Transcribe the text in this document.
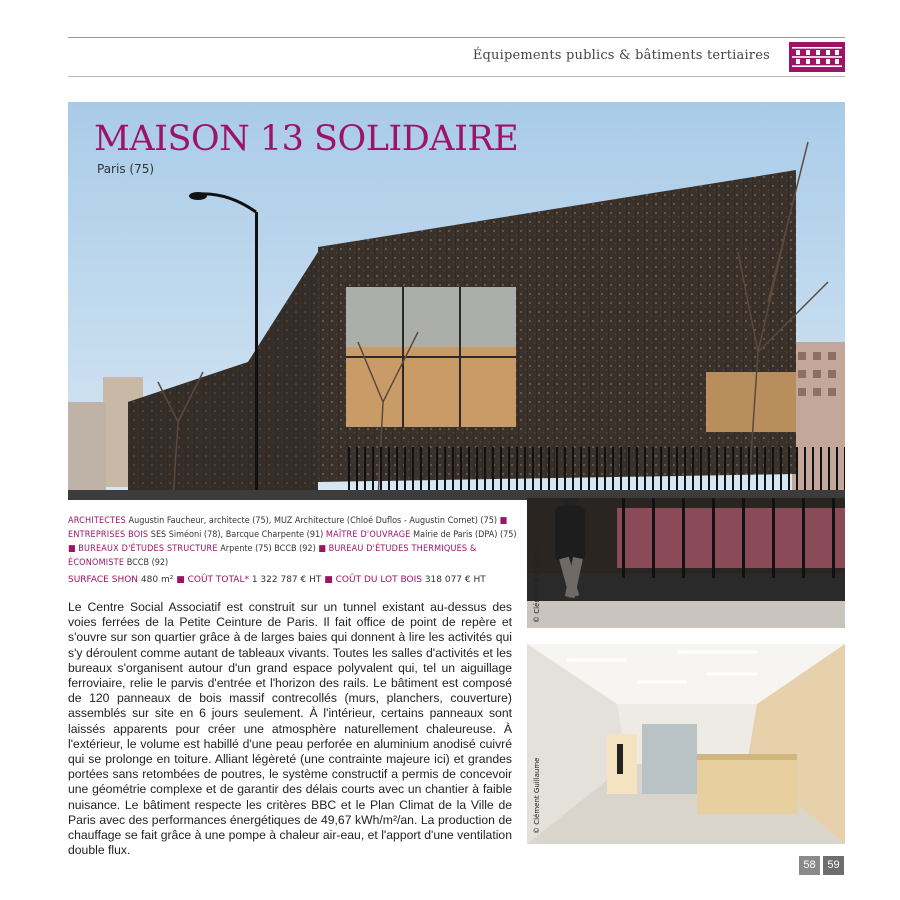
Équipements publics & bâtiments tertiaires
MAISON 13 SOLIDAIRE
Paris (75)
ARCHITECTES Augustin Faucheur, architecte (75), MUZ Architecture (Chloé Duflos - Augustin Cornet) (75) ■ ENTREPRISES BOIS SES Siméoni (78), Barcque Charpente (91) MAÎTRE D'OUVRAGE Mairie de Paris (DPA) (75) ■ BUREAUX D'ÉTUDES STRUCTURE Arpente (75) BCCB (92) ■ BUREAU D'ÉTUDES THERMIQUES & ÉCONOMISTE BCCB (92)
SURFACE SHON 480 m² ■ COÛT TOTAL* 1 322 787 € HT ■ COÛT DU LOT BOIS 318 077 € HT

Le Centre Social Associatif est construit sur un tunnel existant au-dessus des voies ferrées de la Petite Ceinture de Paris. Il fait office de point de repère et s'ouvre sur son quartier grâce à de larges baies qui donnent à lire les activités qui s'y déroulent comme autant de tableaux vivants. Toutes les salles d'activités et les bureaux s'organisent autour d'un grand espace polyvalent qui, tel un aiguillage ferroviaire, relie le parvis d'entrée et l'horizon des rails. Le bâtiment est composé de 120 panneaux de bois massif contrecollés (murs, planchers, couverture) assemblés sur site en 6 jours seulement. À l'intérieur, certains panneaux sont laissés apparents pour créer une atmosphère naturellement chaleureuse. À l'extérieur, le volume est habillé d'une peau perforée en aluminium anodisé cuivré qui se prolonge en toiture. Alliant légèreté (une contrainte majeure ici) et grandes portées sans retombées de poutres, le système constructif a permis de concevoir une géométrie complexe et de garantir des délais courts avec un chantier à faible nuisance. Le bâtiment respecte les critères BBC et le Plan Climat de la Ville de Paris avec des performances énergétiques de 49,67 kWh/m²/an. La production de chauffage se fait grâce à une pompe à chaleur air-eau, et l'apport d'une ventilation double flux.

© Clément Guillaume
© Clément Guillaume
58	59
